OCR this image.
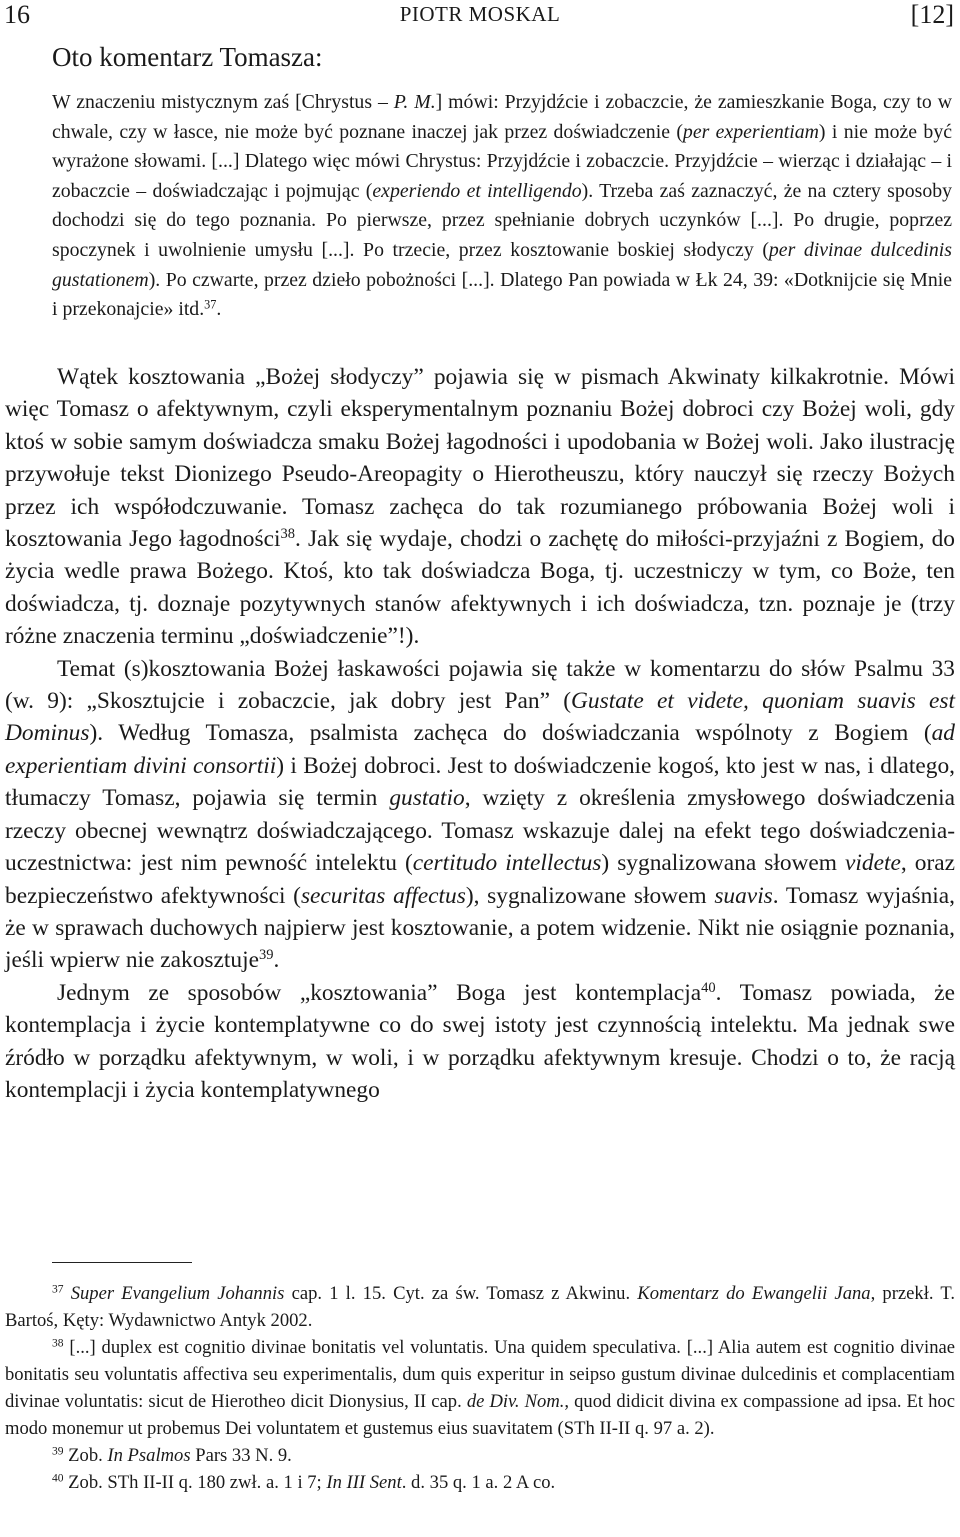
16	PIOTR MOSKAL	[12]

Oto komentarz Tomasza:

W znaczeniu mistycznym zaś [Chrystus – P. M.] mówi: Przyjdźcie i zobaczcie, że zamieszkanie Boga, czy to w chwale, czy w łasce, nie może być poznane inaczej jak przez doświadczenie (per experientiam) i nie może być wyrażone słowami. [...] Dlatego więc mówi Chrystus: Przyjdźcie i zobaczcie. Przyjdźcie – wierząc i działając – i zobaczcie – doświadczając i pojmując (experiendo et intelligendo). Trzeba zaś zaznaczyć, że na cztery sposoby dochodzi się do tego poznania. Po pierwsze, przez spełnianie dobrych uczynków [...]. Po drugie, poprzez spoczynek i uwolnienie umysłu [...]. Po trzecie, przez kosztowanie boskiej słodyczy (per divinae dulcedinis gustationem). Po czwarte, przez dzieło pobożności [...]. Dlatego Pan powiada w Łk 24, 39: «Dotknijcie się Mnie i przekonajcie» itd.$^{37}$.

Wątek kosztowania „Bożej słodyczy” pojawia się w pismach Akwinaty kilkakrotnie. Mówi więc Tomasz o afektywnym, czyli eksperymentalnym poznaniu Bożej dobroci czy Bożej woli, gdy ktoś w sobie samym doświadcza smaku Bożej łagodności i upodobania w Bożej woli. Jako ilustrację przywołuje tekst Dionizego Pseudo-Areopagity o Hierotheuszu, który nauczył się rzeczy Bożych przez ich współodczuwanie. Tomasz zachęca do tak rozumianego próbowania Bożej woli i kosztowania Jego łagodności$^{38}$. Jak się wydaje, chodzi o zachętę do miłości-przyjaźni z Bogiem, do życia wedle prawa Bożego. Ktoś, kto tak doświadcza Boga, tj. uczestniczy w tym, co Boże, ten doświadcza, tj. doznaje pozytywnych stanów afektywnych i ich doświadcza, tzn. poznaje je (trzy różne znaczenia terminu „doświadczenie”!).

Temat (s)kosztowania Bożej łaskawości pojawia się także w komentarzu do słów Psalmu 33 (w. 9): „Skosztujcie i zobaczcie, jak dobry jest Pan” (Gustate et videte, quoniam suavis est Dominus). Według Tomasza, psalmista zachęca do doświadczania wspólnoty z Bogiem (ad experientiam divini consortii) i Bożej dobroci. Jest to doświadczenie kogoś, kto jest w nas, i dlatego, tłumaczy Tomasz, pojawia się termin gustatio, wzięty z określenia zmysłowego doświadczenia rzeczy obecnej wewnątrz doświadczającego. Tomasz wskazuje dalej na efekt tego doświadczenia-uczestnictwa: jest nim pewność intelektu (certitudo intellectus) sygnalizowana słowem videte, oraz bezpieczeństwo afektywności (securitas affectus), sygnalizowane słowem suavis. Tomasz wyjaśnia, że w sprawach duchowych najpierw jest kosztowanie, a potem widzenie. Nikt nie osiągnie poznania, jeśli wpierw nie zakosztuje$^{39}$.

Jednym ze sposobów „kosztowania” Boga jest kontemplacja$^{40}$. Tomasz powiada, że kontemplacja i życie kontemplatywne co do swej istoty jest czynnością intelektu. Ma jednak swe źródło w porządku afektywnym, w woli, i w porządku afektywnym kresuje. Chodzi o to, że racją kontemplacji i życia kontemplatywnego

$^{37}$ Super Evangelium Johannis cap. 1 l. 15. Cyt. za św. Tomasz z Akwinu. Komentarz do Ewangelii Jana, przekł. T. Bartoś, Kęty: Wydawnictwo Antyk 2002.

$^{38}$ [...] duplex est cognitio divinae bonitatis vel voluntatis. Una quidem speculativa. [...] Alia autem est cognitio divinae bonitatis seu voluntatis affectiva seu experimentalis, dum quis experitur in seipso gustum divinae dulcedinis et complacentiam divinae voluntatis: sicut de Hierotheo dicit Dionysius, II cap. de Div. Nom., quod didicit divina ex compassione ad ipsa. Et hoc modo monemur ut probemus Dei voluntatem et gustemus eius suavitatem (STh II-II q. 97 a. 2).

$^{39}$ Zob. In Psalmos Pars 33 N. 9.

$^{40}$ Zob. STh II-II q. 180 zwł. a. 1 i 7; In III Sent. d. 35 q. 1 a. 2 A co.
